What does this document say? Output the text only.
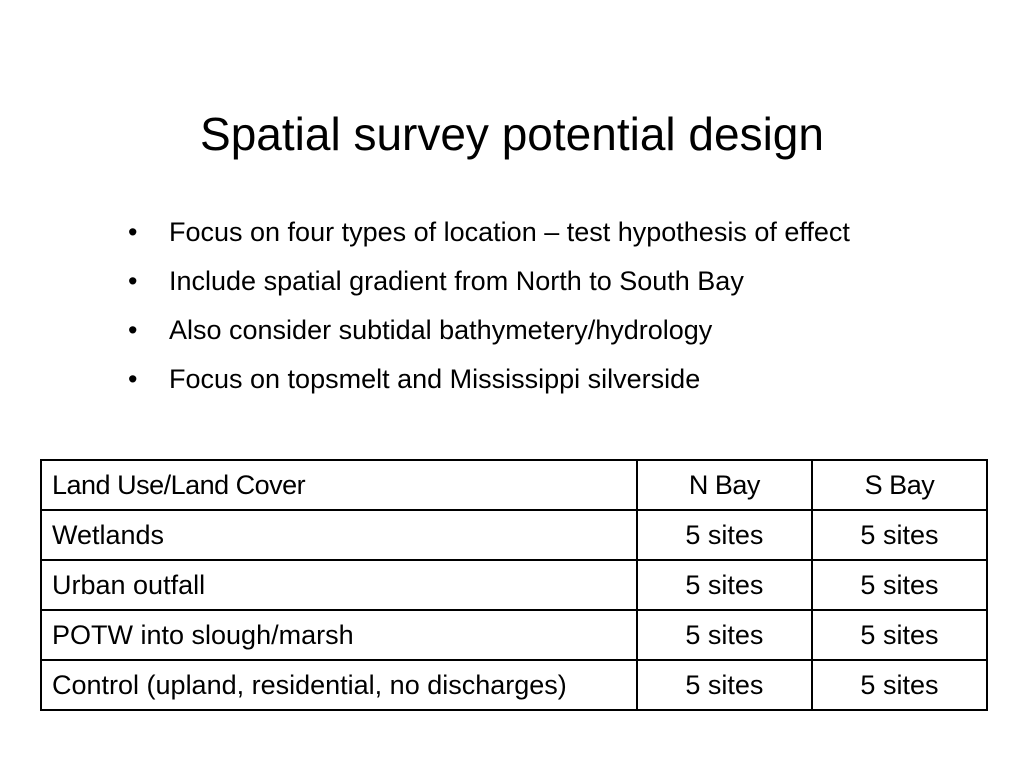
Spatial survey potential design
• Focus on four types of location – test hypothesis of effect
• Include spatial gradient from North to South Bay
• Also consider subtidal bathymetery/hydrology
• Focus on topsmelt and Mississippi silverside
Land Use/Land Cover	N Bay	S Bay
Wetlands	5 sites	5 sites
Urban outfall	5 sites	5 sites
POTW into slough/marsh	5 sites	5 sites
Control (upland, residential, no discharges)	5 sites	5 sites
